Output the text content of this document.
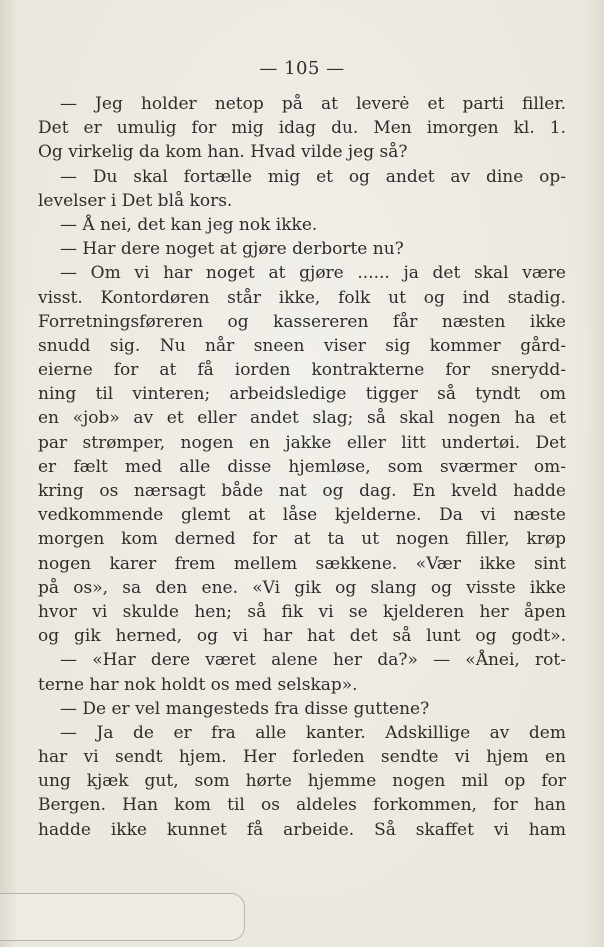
— 105 —
— Jeg holder netop på at leverė et parti filler.
Det er umulig for mig idag du. Men imorgen kl. 1.
Og virkelig da kom han. Hvad vilde jeg så?
— Du skal fortælle mig et og andet av dine op-
levelser i Det blå kors.
— Å nei, det kan jeg nok ikke.
— Har dere noget at gjøre derborte nu?
— Om vi har noget at gjøre ...... ja det skal være
visst. Kontordøren står ikke, folk ut og ind stadig.
Forretningsføreren og kassereren får næsten ikke
snudd sig. Nu når sneen viser sig kommer gård-
eierne for at få iorden kontrakterne for snerydd-
ning til vinteren; arbeidsledige tigger så tyndt om
en «job» av et eller andet slag; så skal nogen ha et
par strømper, nogen en jakke eller litt undertøi. Det
er fælt med alle disse hjemløse, som sværmer om-
kring os nærsagt både nat og dag. En kveld hadde
vedkommende glemt at låse kjelderne. Da vi næste
morgen kom derned for at ta ut nogen filler, krøp
nogen karer frem mellem sækkene. «Vær ikke sint
på os», sa den ene. «Vi gik og slang og visste ikke
hvor vi skulde hen; så fik vi se kjelderen her åpen
og gik herned, og vi har hat det så lunt og godt».
— «Har dere været alene her da?» — «Ånei, rot-
terne har nok holdt os med selskap».
— De er vel mangesteds fra disse guttene?
— Ja de er fra alle kanter. Adskillige av dem
har vi sendt hjem. Her forleden sendte vi hjem en
ung kjæk gut, som hørte hjemme nogen mil op for
Bergen. Han kom til os aldeles forkommen, for han
hadde ikke kunnet få arbeide. Så skaffet vi ham
